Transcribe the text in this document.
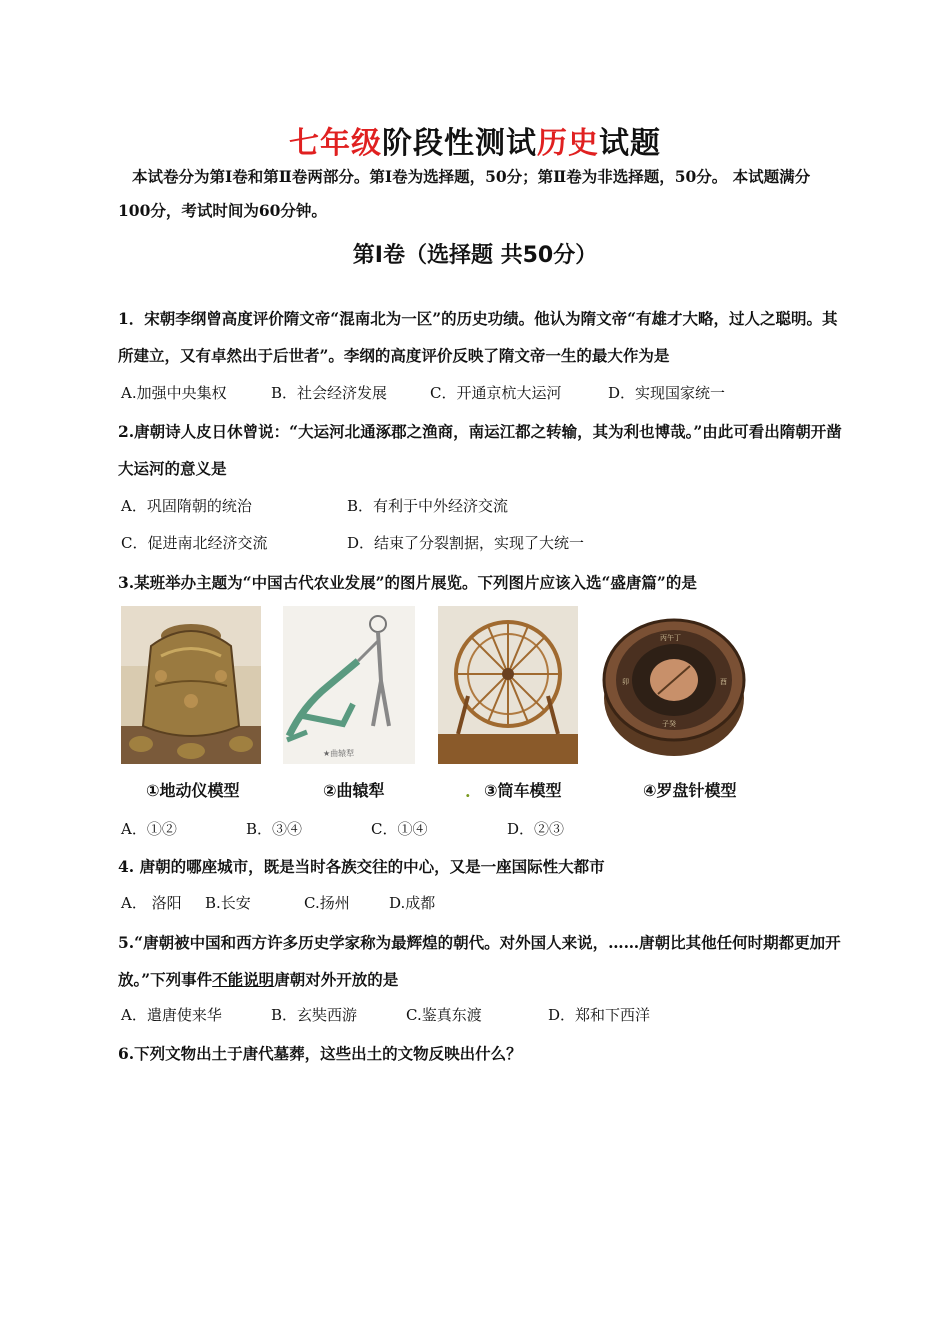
七年级阶段性测试历史试题
本试卷分为第Ⅰ卷和第Ⅱ卷两部分。第Ⅰ卷为选择题，50分；第Ⅱ卷为非选择题，50分。 本试题满分100分，考试时间为60分钟。
第Ⅰ卷（选择题 共50分）
1．宋朝李纲曾高度评价隋文帝“混南北为一区”的历史功绩。他认为隋文帝“有雄才大略，过人之聪明。其所建立，又有卓然出于后世者”。李纲的高度评价反映了隋文帝一生的最大作为是
A.加强中央集权	B．社会经济发展	C．开通京杭大运河	D．实现国家统一
2.唐朝诗人皮日休曾说：“大运河北通涿郡之渔商，南运江都之转输，其为利也博哉。”由此可看出隋朝开凿大运河的意义是
A．巩固隋朝的统治	B．有利于中外经济交流
C．促进南北经济交流	D．结束了分裂割据，实现了大统一
3.某班举办主题为“中国古代农业发展”的图片展览。下列图片应该入选“盛唐篇”的是
★曲辕犁
丙午丁
卯	酉
子癸
①地动仪模型	②曲辕犁	. ③筒车模型	④罗盘针模型
A．①②	B．③④	C．①④	D．②③
4. 唐朝的哪座城市，既是当时各族交往的中心，又是一座国际性大都市
A． 洛阳 B.长安	C.扬州	D.成都
5.“唐朝被中国和西方许多历史学家称为最辉煌的朝代。对外国人来说，……唐朝比其他任何时期都更加开放。”下列事件不能说明唐朝对外开放的是
A．遣唐使来华	B．玄奘西游	C.鉴真东渡	D．郑和下西洋
6.下列文物出土于唐代墓葬，这些出土的文物反映出什么？
